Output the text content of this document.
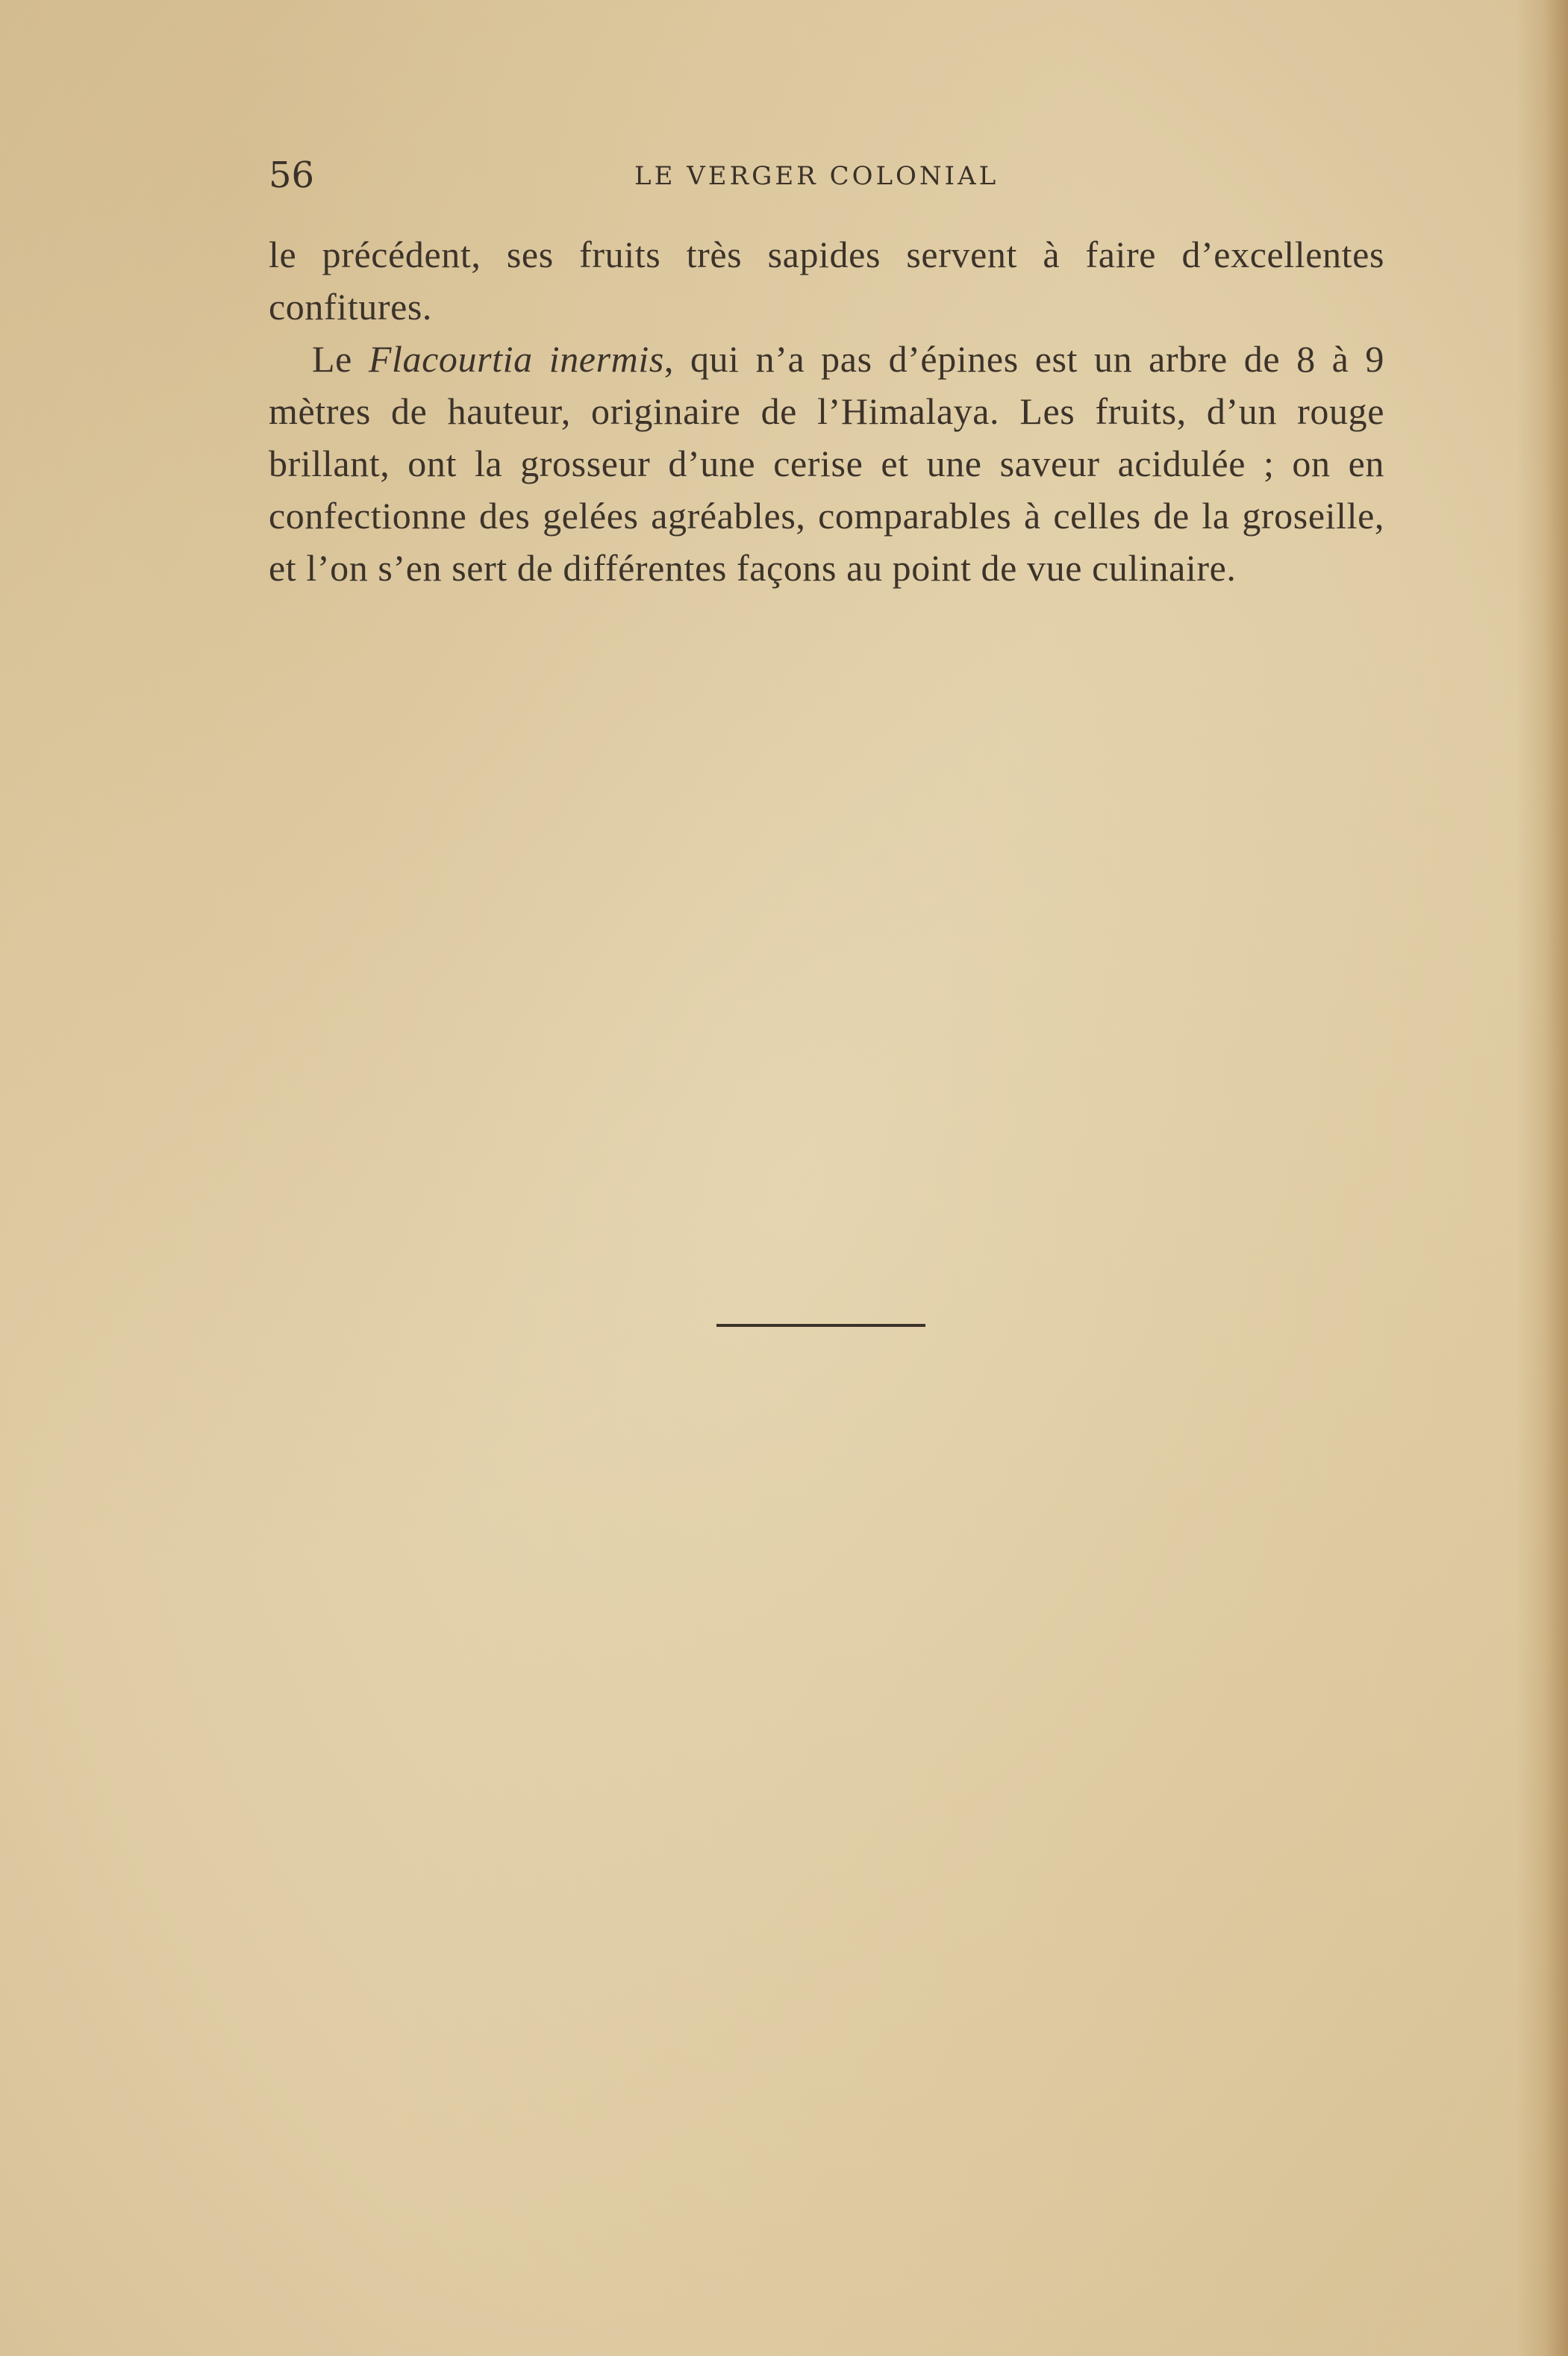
56	LE VERGER COLONIAL

le précédent, ses fruits très sapides servent à faire d’excellentes confitures.

Le Flacourtia inermis, qui n’a pas d’épines est un arbre de 8 à 9 mètres de hauteur, originaire de l’Himalaya. Les fruits, d’un rouge brillant, ont la grosseur d’une cerise et une saveur acidulée ; on en confectionne des gelées agréables, comparables à celles de la groseille, et l’on s’en sert de différentes façons au point de vue culinaire.
